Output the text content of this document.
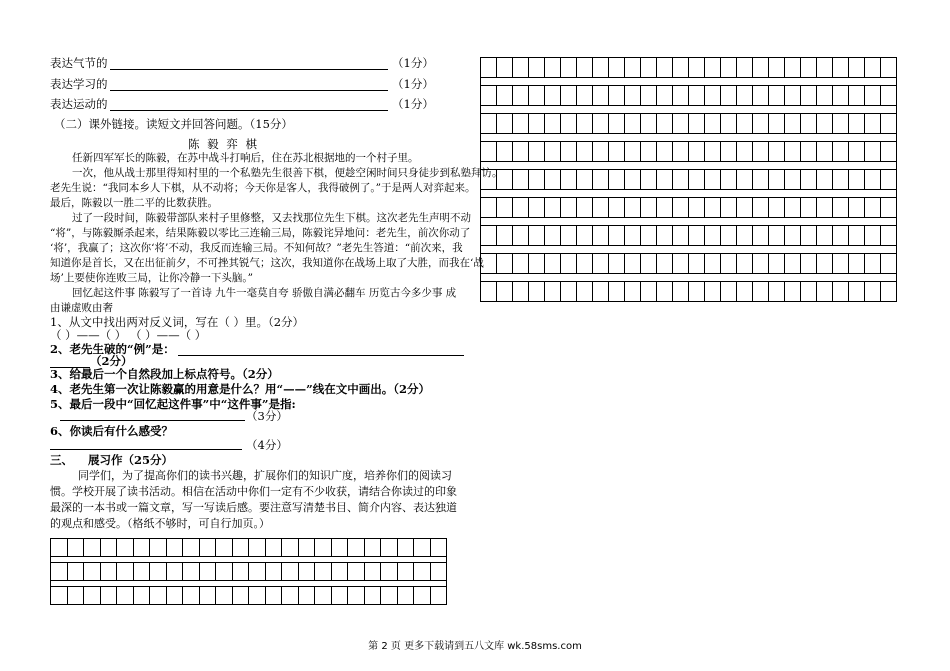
表达气节的	（1分）
表达学习的	（1分）
表达运动的	（1分）
（二）课外链接。读短文并回答问题。（15分）
陈 毅 弈 棋
任新四军军长的陈毅，在苏中战斗打响后，住在苏北根据地的一个村子里。
一次，他从战士那里得知村里的一个私塾先生很善下棋，便趁空闲时间只身徒步到私塾拜访。
老先生说：“我同本乡人下棋，从不动将；今天你是客人，我得破例了。”于是两人对弈起来。
最后，陈毅以一胜二平的比数获胜。
过了一段时间，陈毅带部队来村子里修整，又去找那位先生下棋。这次老先生声明不动
“将”，与陈毅厮杀起来，结果陈毅以零比三连输三局，陈毅诧异地问：老先生，前次你动了
‘将’，我赢了；这次你‘将’不动，我反而连输三局。不知何故？”老先生答道：“前次来，我
知道你是首长，又在出征前夕，不可挫其锐气；这次，我知道你在战场上取了大胜，而我在‘战
场’上要使你连败三局，让你冷静一下头脑。”
回忆起这件事 陈毅写了一首诗 九牛一毫莫自夸 骄傲自满必翻车 历览古今多少事 成
由谦虚败由奢
1、从文中找出两对反义词，写在（ ）里。（2分）
（ ）——（ ） （ ）——（ ）
2、老先生破的“例”是：
（2分）
3、给最后一个自然段加上标点符号。（2分）
4、老先生第一次让陈毅赢的用意是什么？用“——”线在文中画出。（2分）
5、最后一段中“回忆起这件事”中“这件事”是指:
（3分）
6、你读后有什么感受？
（4分）
三、 展习作（25分）
同学们，为了提高你们的读书兴趣，扩展你们的知识广度，培养你们的阅读习
惯。学校开展了读书活动。相信在活动中你们一定有不少收获，请结合你读过的印象
最深的一本书或一篇文章，写一写读后感。要注意写清楚书目、简介内容、表达独道
的观点和感受。（格纸不够时，可自行加页。）
第 2 页 更多下载请到五八文库 wk.58sms.com
